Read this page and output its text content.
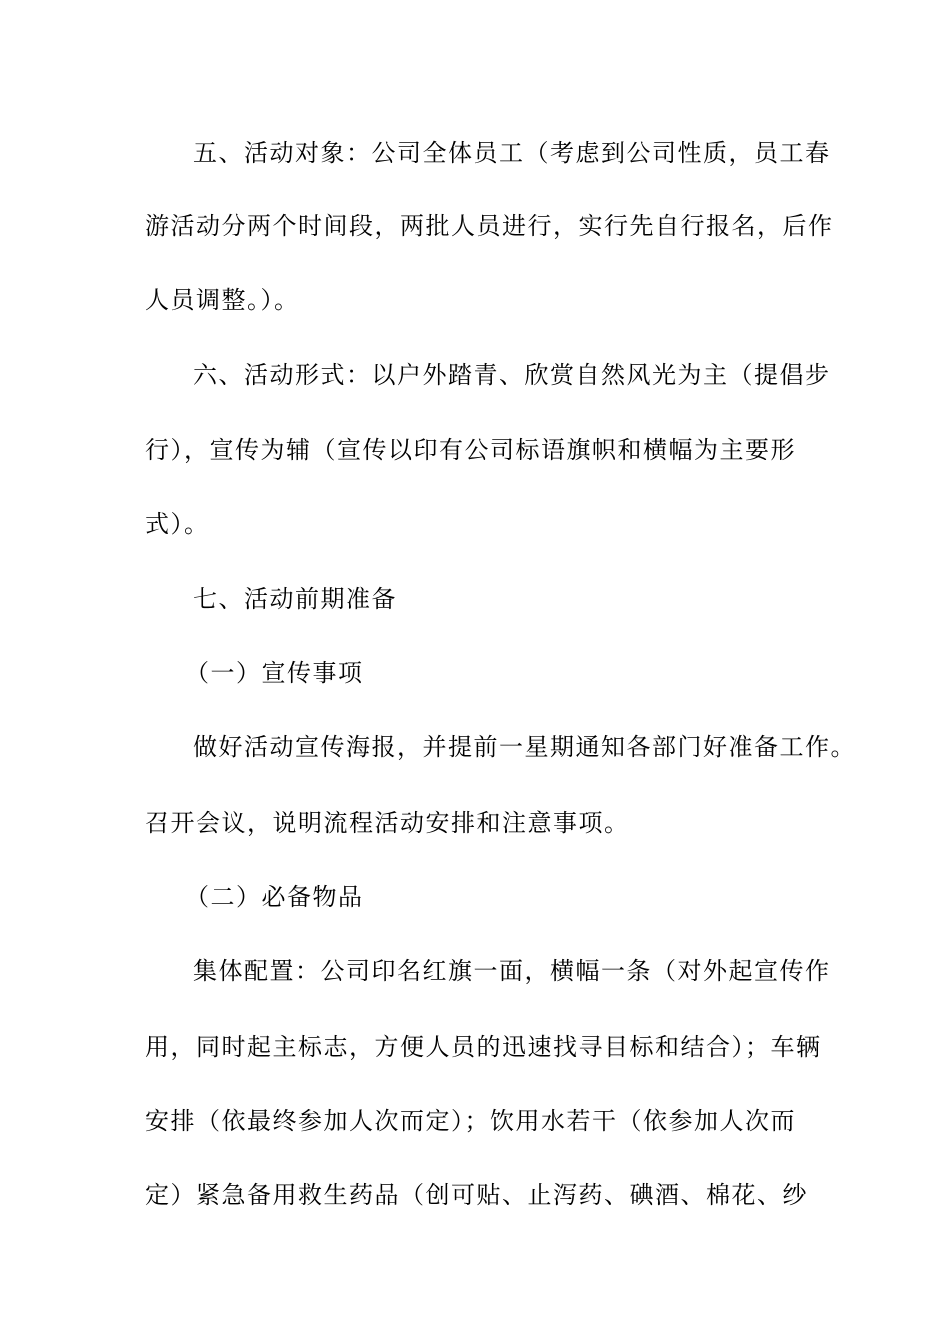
五、活动对象：公司全体员工（考虑到公司性质，员工春
游活动分两个时间段，两批人员进行，实行先自行报名，后作
人员调整。）。
六、活动形式：以户外踏青、欣赏自然风光为主（提倡步
行），宣传为辅（宣传以印有公司标语旗帜和横幅为主要形
式）。
七、活动前期准备
（一）宣传事项
做好活动宣传海报，并提前一星期通知各部门好准备工作。
召开会议，说明流程活动安排和注意事项。
（二）必备物品
集体配置：公司印名红旗一面，横幅一条（对外起宣传作
用，同时起主标志，方便人员的迅速找寻目标和结合）；车辆
安排（依最终参加人次而定）；饮用水若干（依参加人次而
定）紧急备用救生药品（创可贴、止泻药、碘酒、棉花、纱
